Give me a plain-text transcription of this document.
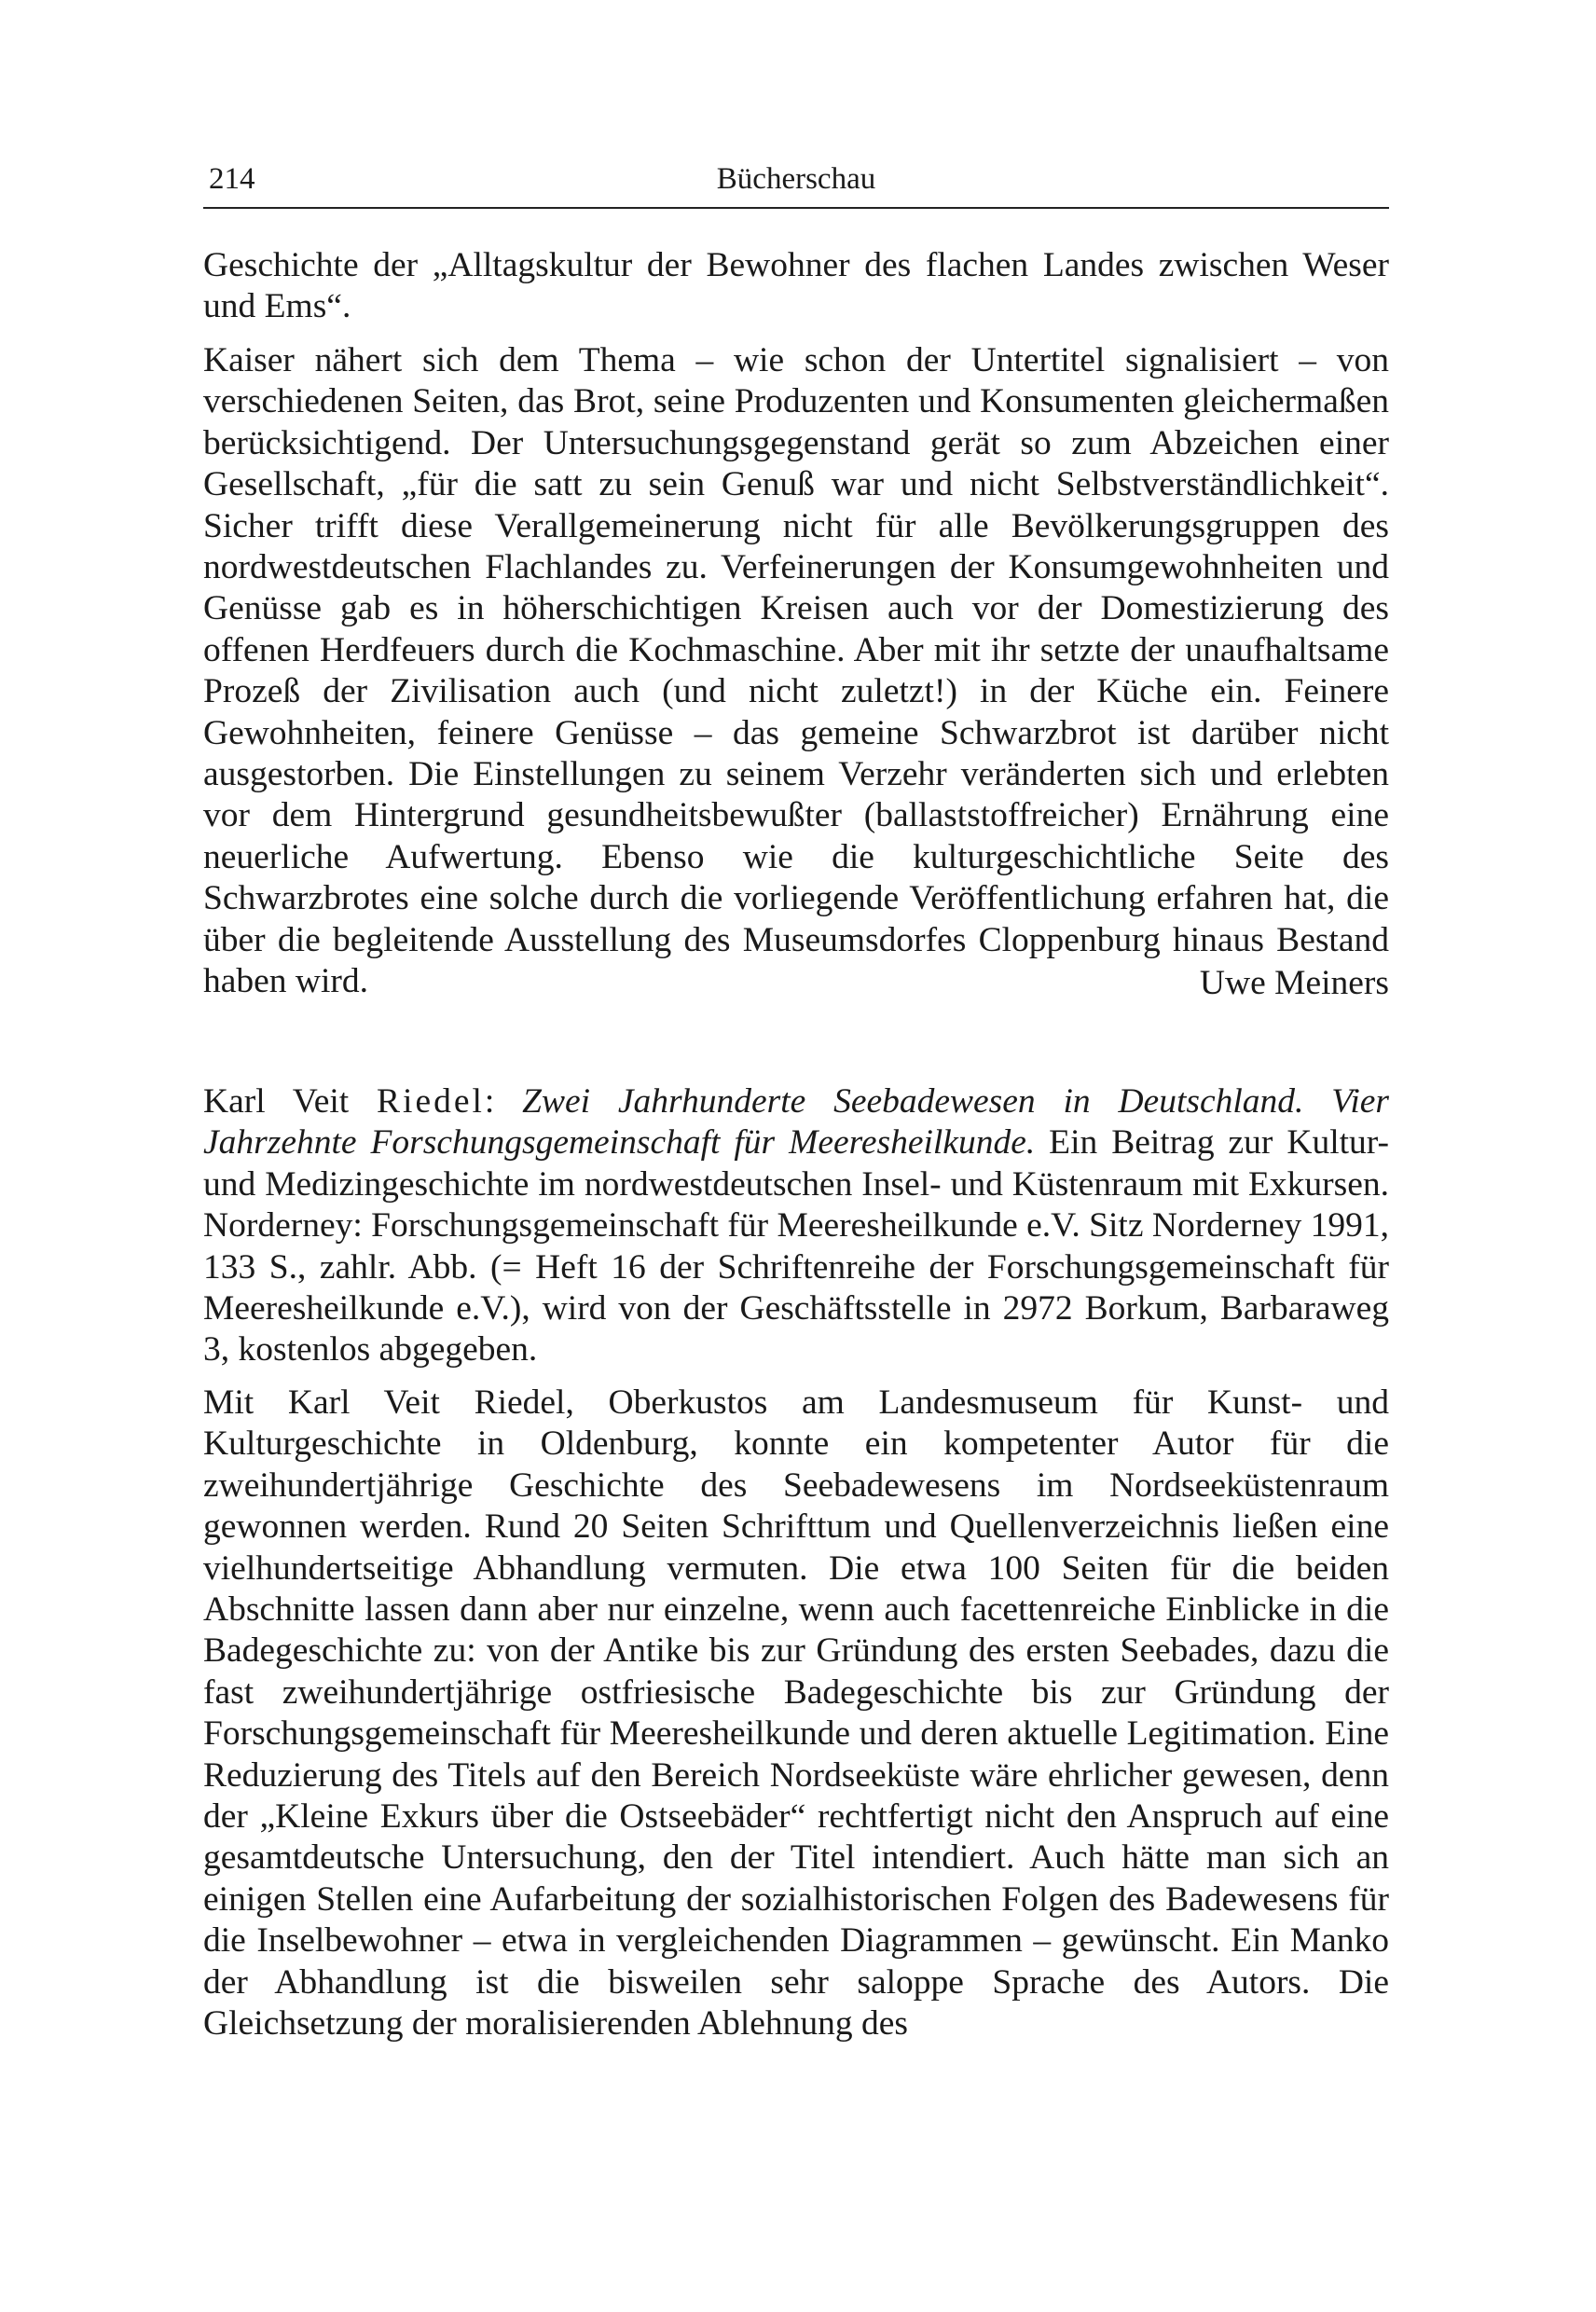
214	Bücherschau

Geschichte der „Alltagskultur der Bewohner des flachen Landes zwischen Weser und Ems“.

Kaiser nähert sich dem Thema – wie schon der Untertitel signalisiert – von verschiedenen Seiten, das Brot, seine Produzenten und Konsumenten gleichermaßen berücksichtigend. Der Untersuchungsgegenstand gerät so zum Abzeichen einer Gesellschaft, „für die satt zu sein Genuß war und nicht Selbstverständlichkeit“. Sicher trifft diese Verallgemeinerung nicht für alle Bevölkerungsgruppen des nordwestdeutschen Flachlandes zu. Verfeinerungen der Konsumgewohnheiten und Genüsse gab es in höherschichtigen Kreisen auch vor der Domestizierung des offenen Herdfeuers durch die Kochmaschine. Aber mit ihr setzte der unaufhaltsame Prozeß der Zivilisation auch (und nicht zuletzt!) in der Küche ein. Feinere Gewohnheiten, feinere Genüsse – das gemeine Schwarzbrot ist darüber nicht ausgestorben. Die Einstellungen zu seinem Verzehr veränderten sich und erlebten vor dem Hintergrund gesundheitsbewußter (ballaststoffreicher) Ernährung eine neuerliche Aufwertung. Ebenso wie die kulturgeschichtliche Seite des Schwarzbrotes eine solche durch die vorliegende Veröffentlichung erfahren hat, die über die begleitende Ausstellung des Museumsdorfes Cloppenburg hinaus Bestand haben wird.	Uwe Meiners

Karl Veit Riedel: Zwei Jahrhunderte Seebadewesen in Deutschland. Vier Jahrzehnte Forschungsgemeinschaft für Meeresheilkunde. Ein Beitrag zur Kultur- und Medizingeschichte im nordwestdeutschen Insel- und Küstenraum mit Exkursen. Norderney: Forschungsgemeinschaft für Meeresheilkunde e.V. Sitz Norderney 1991, 133 S., zahlr. Abb. (= Heft 16 der Schriftenreihe der Forschungsgemeinschaft für Meeresheilkunde e.V.), wird von der Geschäftsstelle in 2972 Borkum, Barbaraweg 3, kostenlos abgegeben.

Mit Karl Veit Riedel, Oberkustos am Landesmuseum für Kunst- und Kulturgeschichte in Oldenburg, konnte ein kompetenter Autor für die zweihundertjährige Geschichte des Seebadewesens im Nordseeküstenraum gewonnen werden. Rund 20 Seiten Schrifttum und Quellenverzeichnis ließen eine vielhundertseitige Abhandlung vermuten. Die etwa 100 Seiten für die beiden Abschnitte lassen dann aber nur einzelne, wenn auch facettenreiche Einblicke in die Badegeschichte zu: von der Antike bis zur Gründung des ersten Seebades, dazu die fast zweihundertjährige ostfriesische Badegeschichte bis zur Gründung der Forschungsgemeinschaft für Meeresheilkunde und deren aktuelle Legitimation. Eine Reduzierung des Titels auf den Bereich Nordseeküste wäre ehrlicher gewesen, denn der „Kleine Exkurs über die Ostseebäder“ rechtfertigt nicht den Anspruch auf eine gesamtdeutsche Untersuchung, den der Titel intendiert. Auch hätte man sich an einigen Stellen eine Aufarbeitung der sozialhistorischen Folgen des Badewesens für die Inselbewohner – etwa in vergleichenden Diagrammen – gewünscht. Ein Manko der Abhandlung ist die bisweilen sehr saloppe Sprache des Autors. Die Gleichsetzung der moralisierenden Ablehnung des
